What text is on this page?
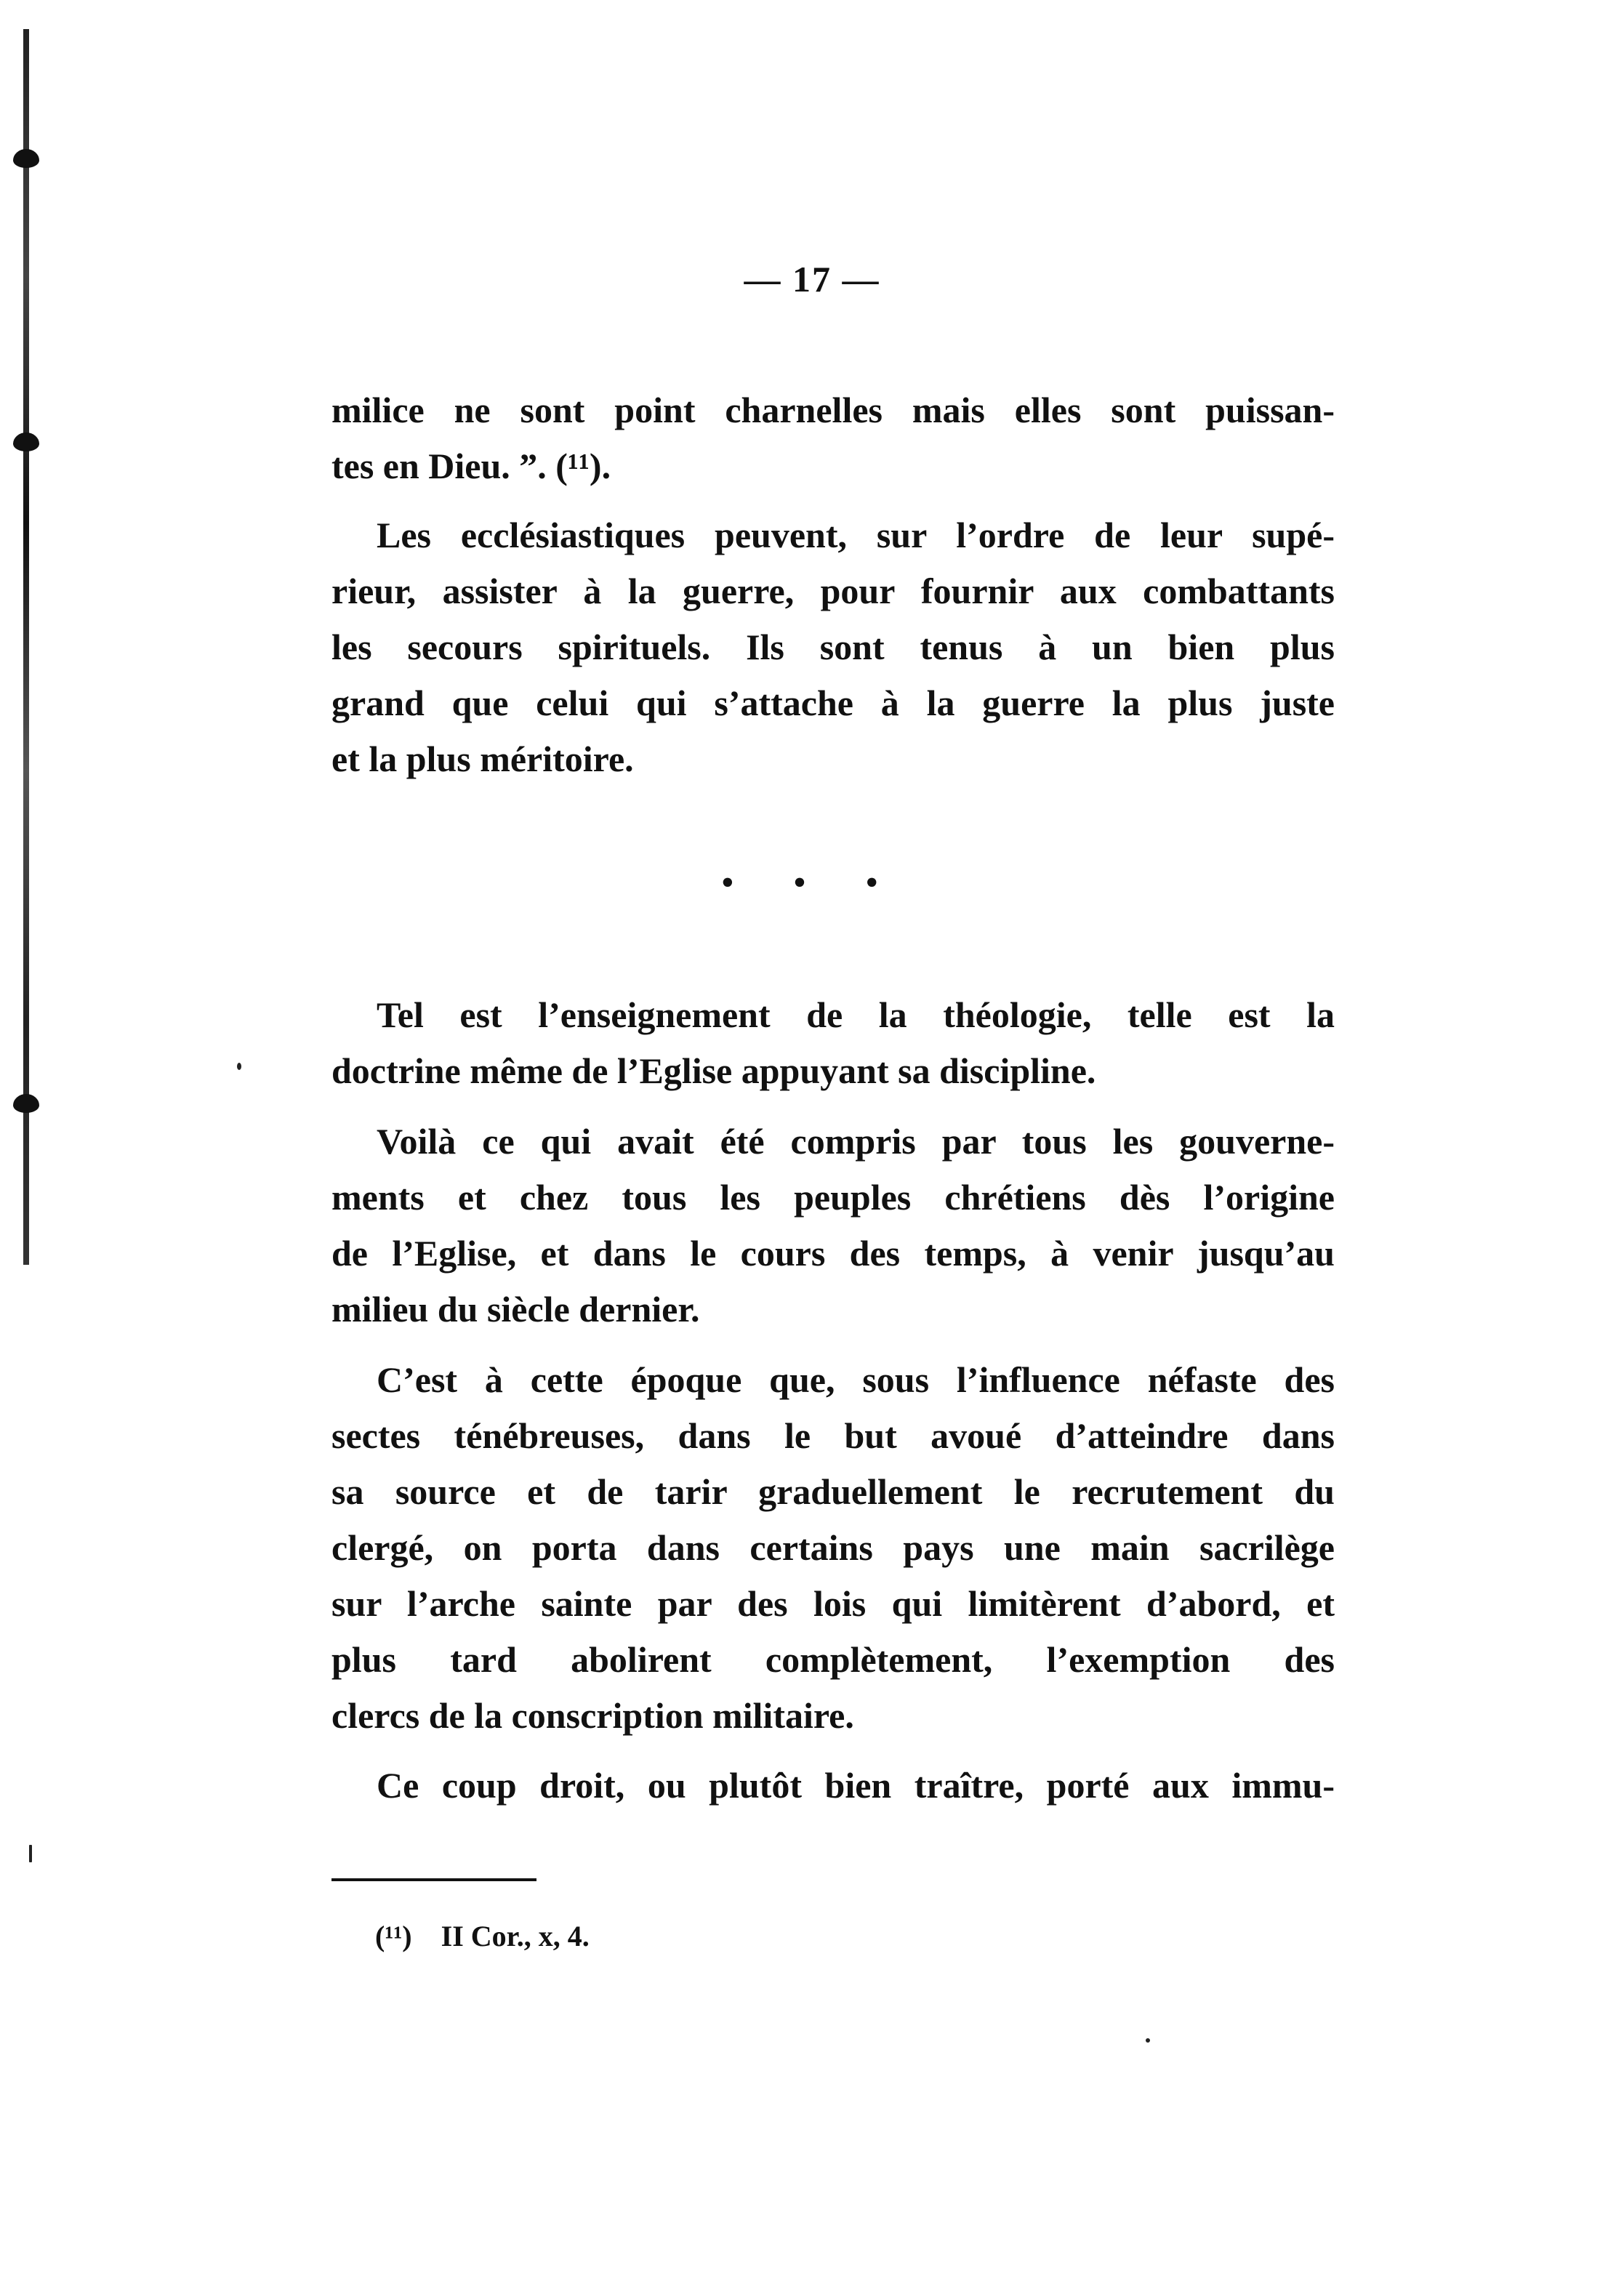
— 17 —
milice ne sont point charnelles mais elles sont puissan-
tes en Dieu. ”. (¹¹).
Les ecclésiastiques peuvent, sur l’ordre de leur supé-
rieur, assister à la guerre, pour fournir aux combattants
les secours spirituels. Ils sont tenus à un bien plus
grand que celui qui s’attache à la guerre la plus juste
et la plus méritoire.
• • •
Tel est l’enseignement de la théologie, telle est la
doctrine même de l’Eglise appuyant sa discipline.
Voilà ce qui avait été compris par tous les gouverne-
ments et chez tous les peuples chrétiens dès l’origine
de l’Eglise, et dans le cours des temps, à venir jusqu’au
milieu du siècle dernier.
C’est à cette époque que, sous l’influence néfaste des
sectes ténébreuses, dans le but avoué d’atteindre dans
sa source et de tarir graduellement le recrutement du
clergé, on porta dans certains pays une main sacrilège
sur l’arche sainte par des lois qui limitèrent d’abord, et
plus tard abolirent complètement, l’exemption des
clercs de la conscription militaire.
Ce coup droit, ou plutôt bien traître, porté aux immu-
(¹¹) II Cor., x, 4.
